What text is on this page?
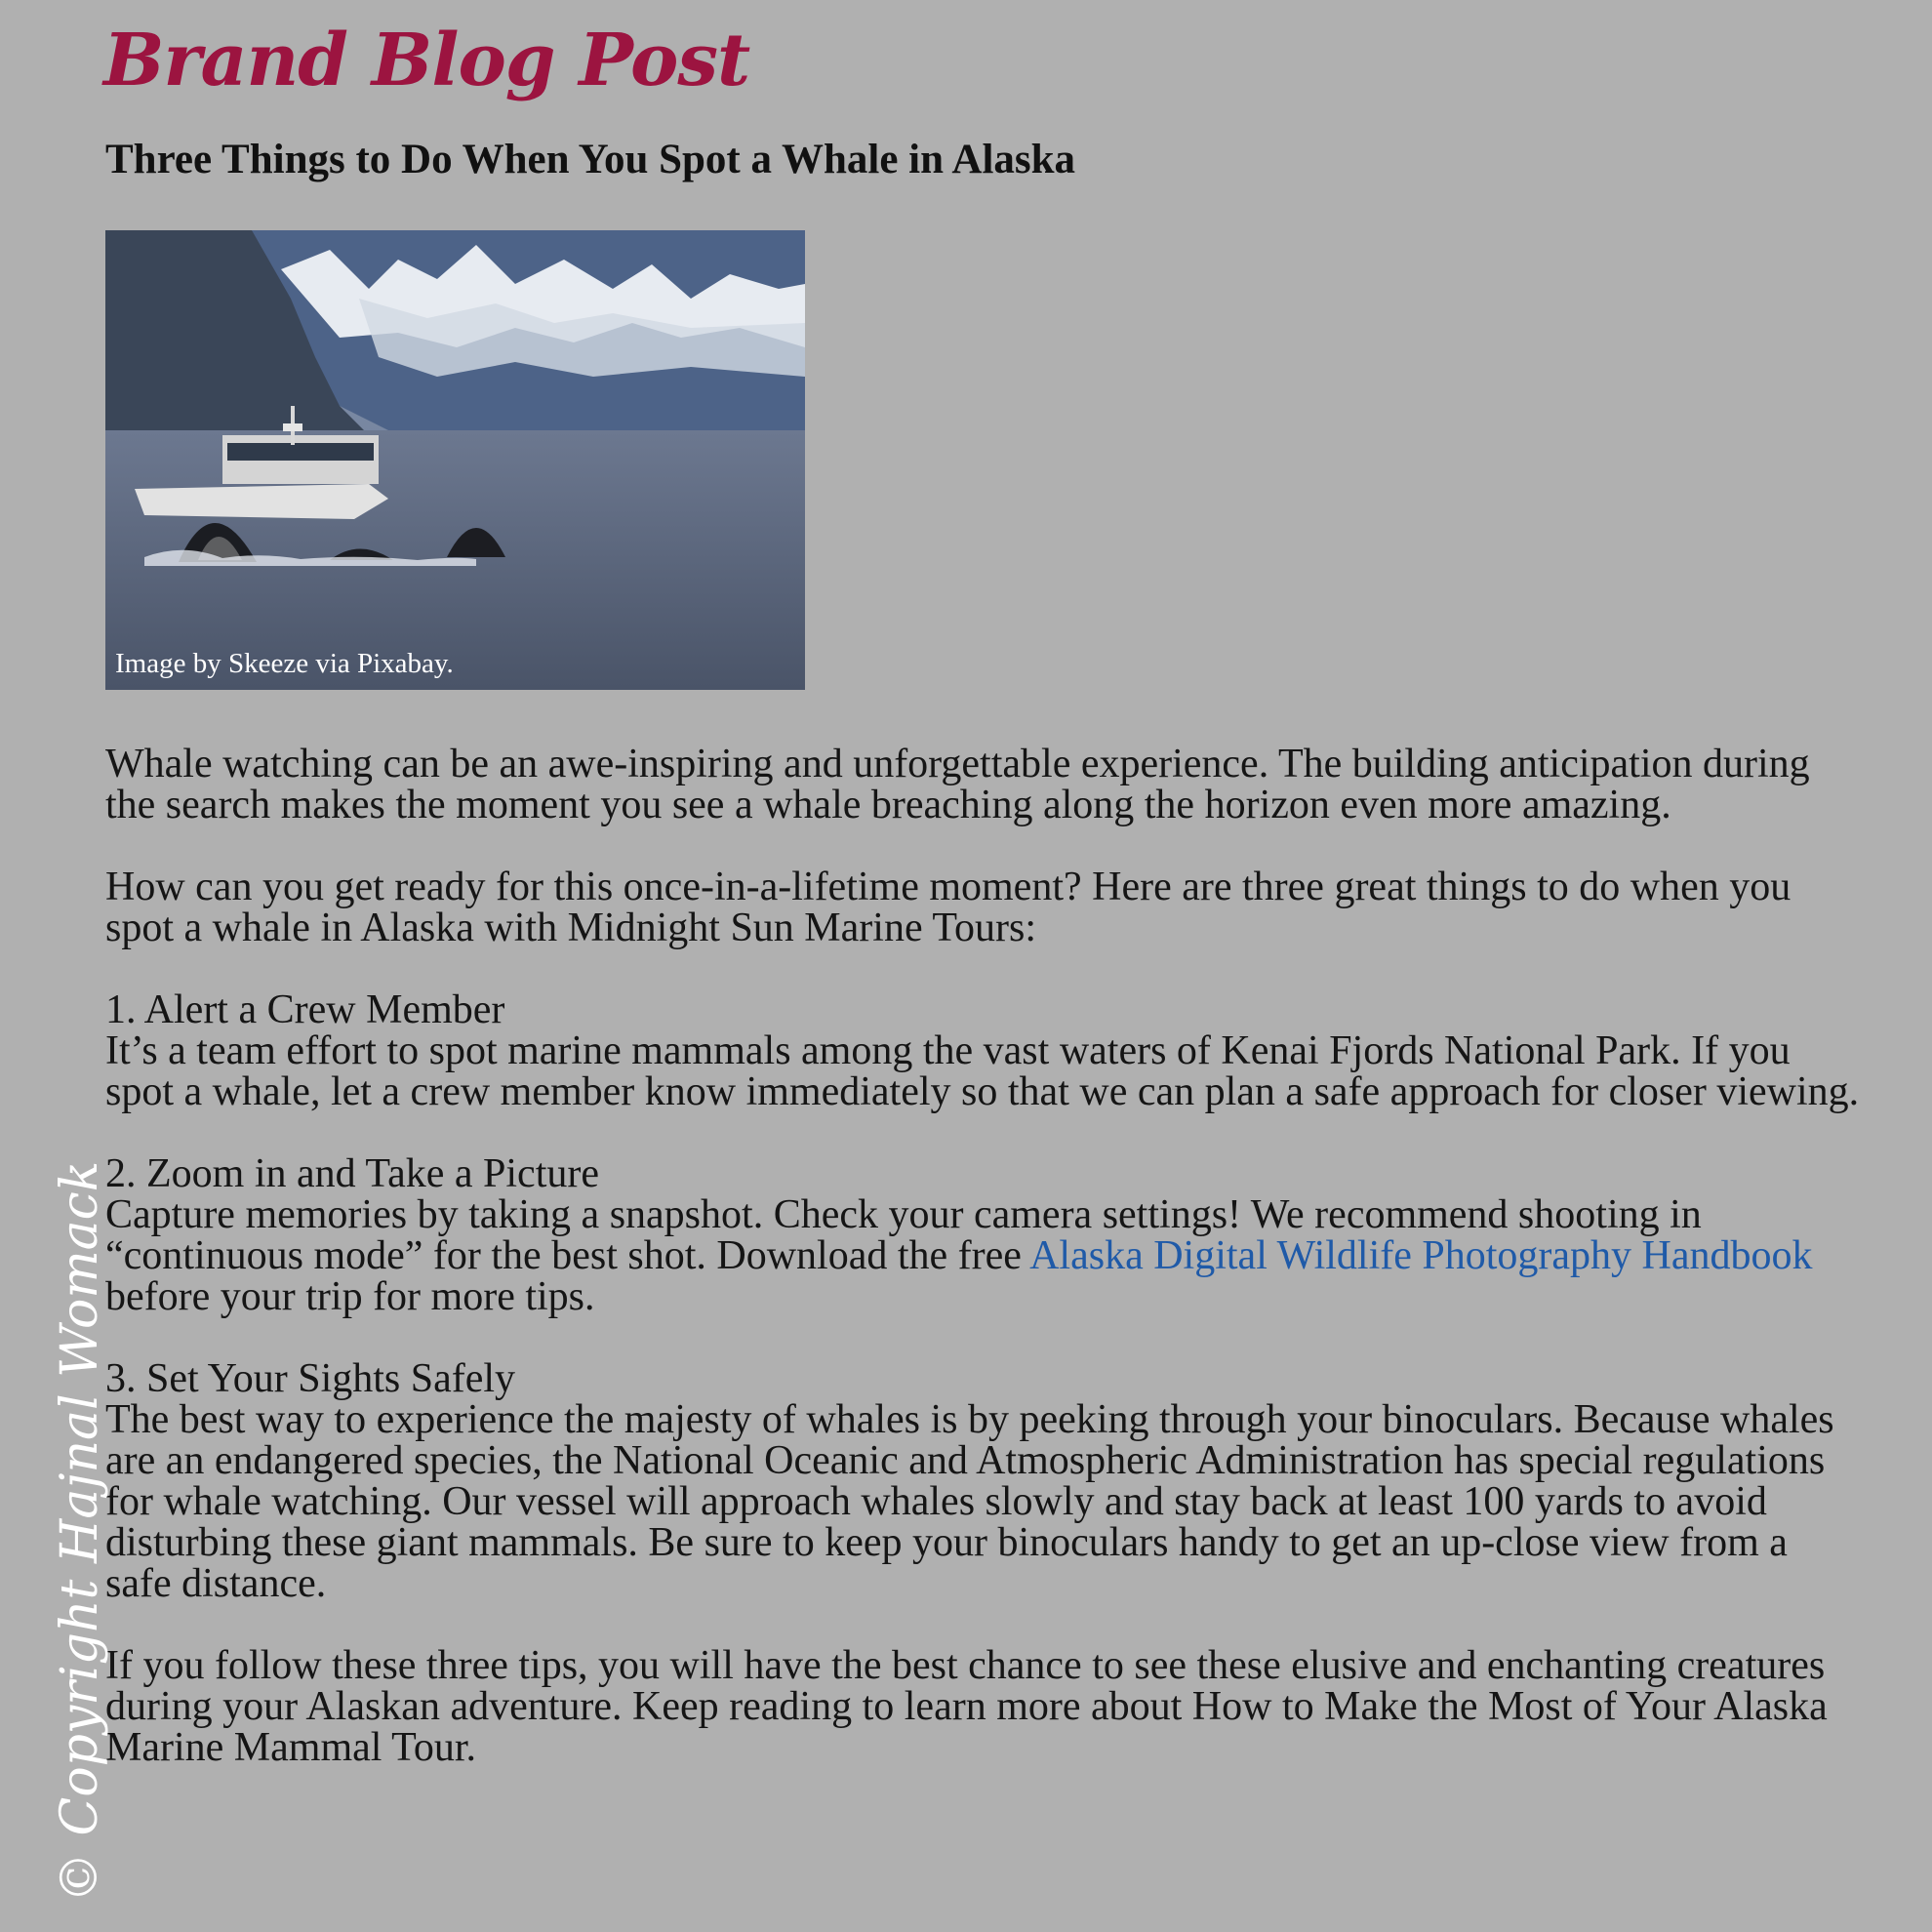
Brand Blog Post
Three Things to Do When You Spot a Whale in Alaska
Image by Skeeze via Pixabay.

Whale watching can be an awe-inspiring and unforgettable experience. The building anticipation during the search makes the moment you see a whale breaching along the horizon even more amazing.

How can you get ready for this once-in-a-lifetime moment? Here are three great things to do when you spot a whale in Alaska with Midnight Sun Marine Tours:

1. Alert a Crew Member
It’s a team effort to spot marine mammals among the vast waters of Kenai Fjords National Park. If you spot a whale, let a crew member know immediately so that we can plan a safe approach for closer viewing.

2. Zoom in and Take a Picture
Capture memories by taking a snapshot. Check your camera settings! We recommend shooting in “continuous mode” for the best shot. Download the free Alaska Digital Wildlife Photography Handbook before your trip for more tips.

3. Set Your Sights Safely
The best way to experience the majesty of whales is by peeking through your binoculars. Because whales are an endangered species, the National Oceanic and Atmospheric Administration has special regulations for whale watching. Our vessel will approach whales slowly and stay back at least 100 yards to avoid disturbing these giant mammals. Be sure to keep your binoculars handy to get an up-close view from a safe distance.

If you follow these three tips, you will have the best chance to see these elusive and enchanting creatures during your Alaskan adventure. Keep reading to learn more about How to Make the Most of Your Alaska Marine Mammal Tour.

© Copyright Hajnal Womack
